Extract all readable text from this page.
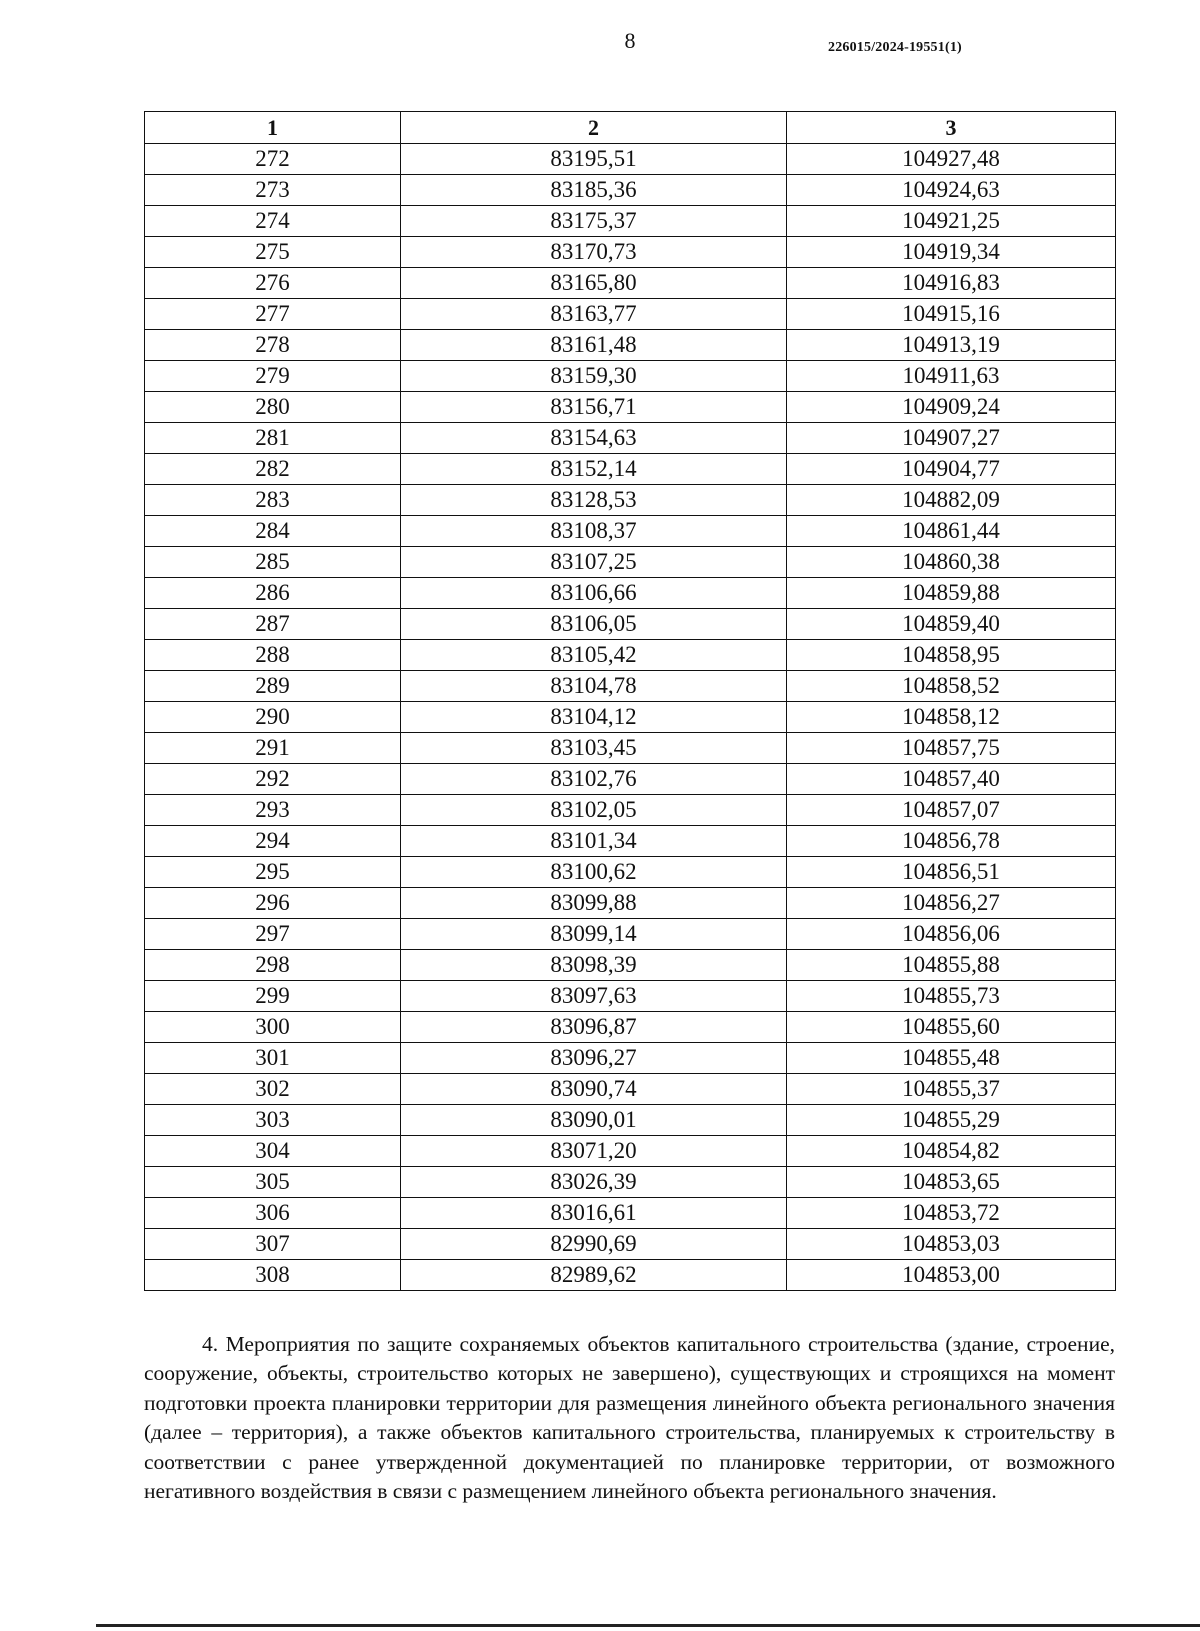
8	226015/2024-19551(1)
1	2	3
272	83195,51	104927,48
273	83185,36	104924,63
274	83175,37	104921,25
275	83170,73	104919,34
276	83165,80	104916,83
277	83163,77	104915,16
278	83161,48	104913,19
279	83159,30	104911,63
280	83156,71	104909,24
281	83154,63	104907,27
282	83152,14	104904,77
283	83128,53	104882,09
284	83108,37	104861,44
285	83107,25	104860,38
286	83106,66	104859,88
287	83106,05	104859,40
288	83105,42	104858,95
289	83104,78	104858,52
290	83104,12	104858,12
291	83103,45	104857,75
292	83102,76	104857,40
293	83102,05	104857,07
294	83101,34	104856,78
295	83100,62	104856,51
296	83099,88	104856,27
297	83099,14	104856,06
298	83098,39	104855,88
299	83097,63	104855,73
300	83096,87	104855,60
301	83096,27	104855,48
302	83090,74	104855,37
303	83090,01	104855,29
304	83071,20	104854,82
305	83026,39	104853,65
306	83016,61	104853,72
307	82990,69	104853,03
308	82989,62	104853,00

4. Мероприятия по защите сохраняемых объектов капитального строительства (здание, строение, сооружение, объекты, строительство которых не завершено), существующих и строящихся на момент подготовки проекта планировки территории для размещения линейного объекта регионального значения (далее – территория), а также объектов капитального строительства, планируемых к строительству в соответствии с ранее утвержденной документацией по планировке территории, от возможного негативного воздействия в связи с размещением линейного объекта регионального значения.
